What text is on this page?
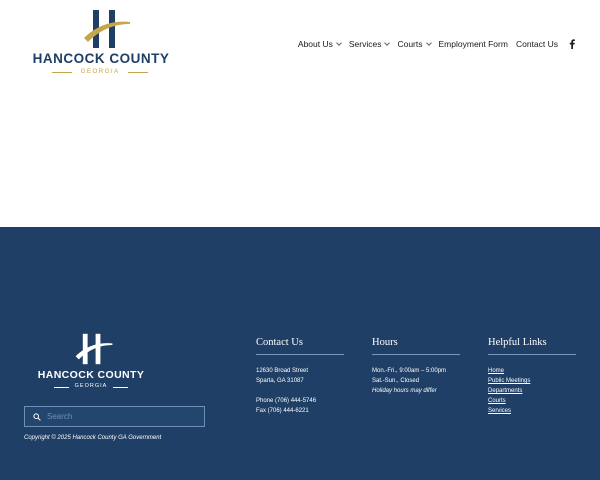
HANCOCK COUNTY
GEORGIA
About Us Services Courts Employment Form Contact Us
HANCOCK COUNTY
GEORGIA
Search
Copyright © 2025 Hancock County GA Government
Contact Us
12630 Broad Street
Sparta, GA 31087
Phone (706) 444-5746
Fax (706) 444-6221
Hours
Mon.-Fri., 9:00am – 5:00pm
Sat.-Sun., Closed
Holiday hours may differ
Helpful Links
Home
Public Meetings
Departments
Courts
Services
